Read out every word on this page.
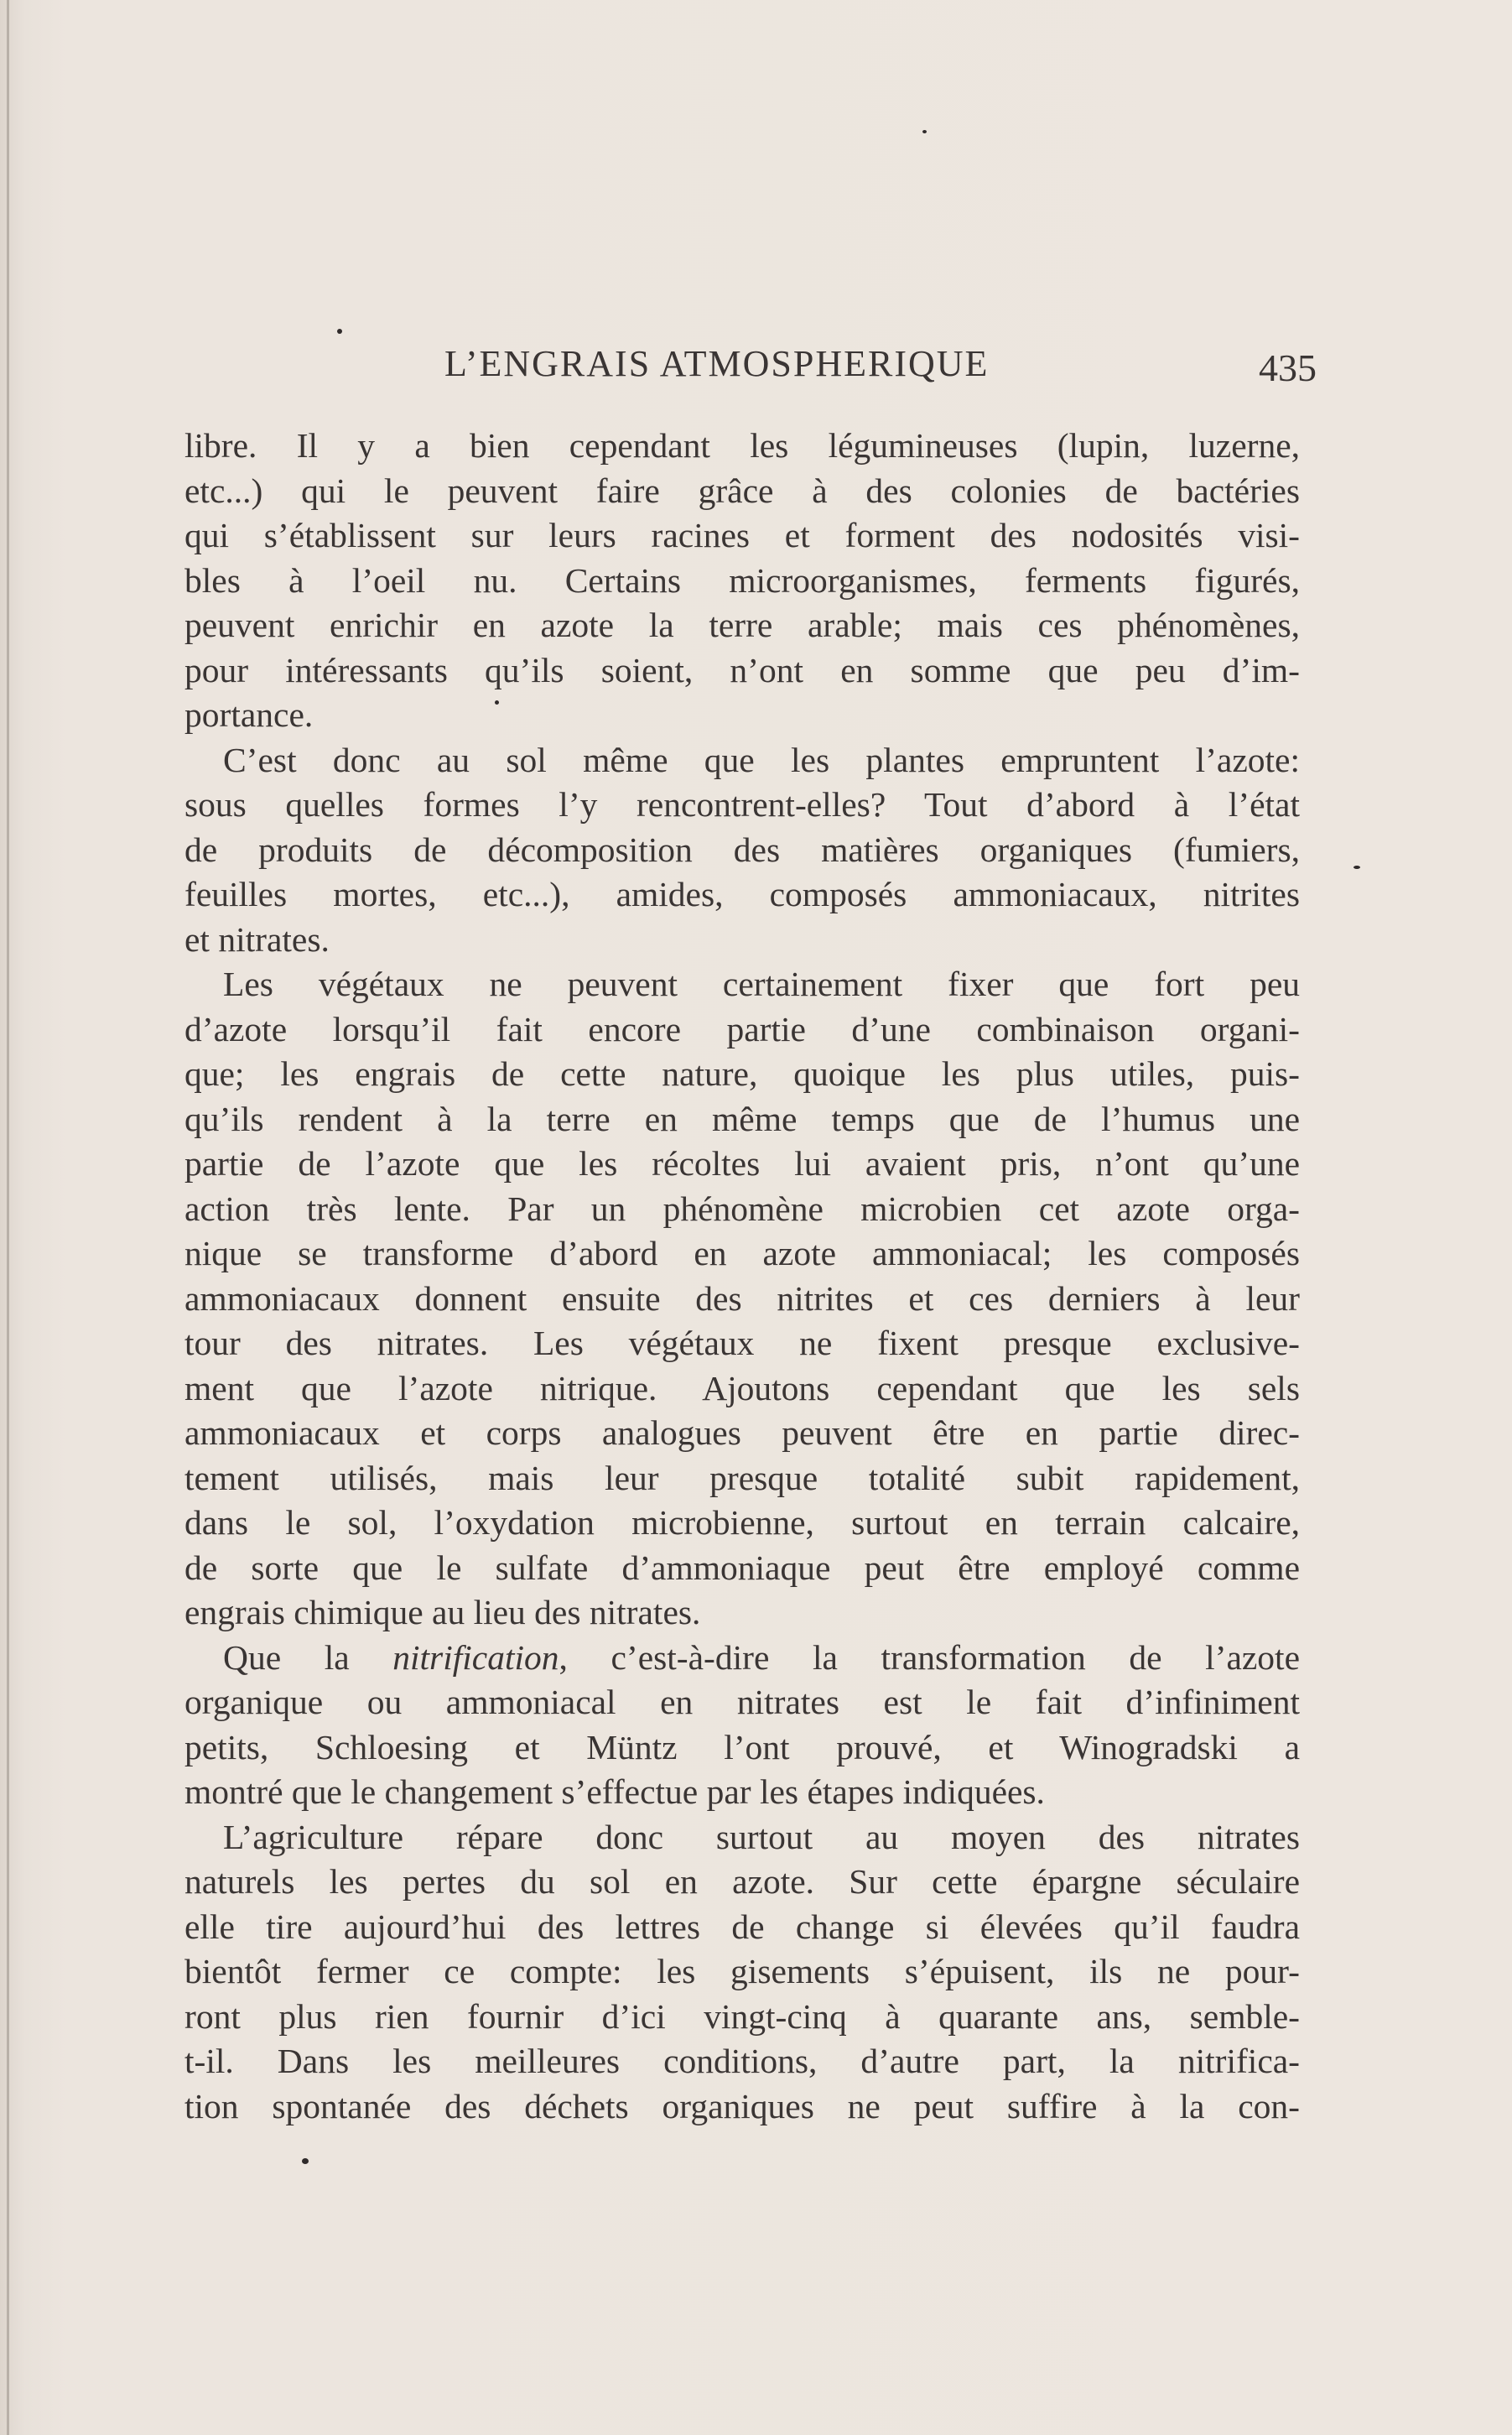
L’ENGRAIS ATMOSPHERIQUE	435
libre. Il y a bien cependant les légumineuses (lupin, luzerne,
etc...) qui le peuvent faire grâce à des colonies de bactéries
qui s’établissent sur leurs racines et forment des nodosités visi-
bles à l’oeil nu. Certains microorganismes, ferments figurés,
peuvent enrichir en azote la terre arable; mais ces phénomènes,
pour intéressants qu’ils soient, n’ont en somme que peu d’im-
portance.
C’est donc au sol même que les plantes empruntent l’azote:
sous quelles formes l’y rencontrent-elles? Tout d’abord à l’état
de produits de décomposition des matières organiques (fumiers,
feuilles mortes, etc...), amides, composés ammoniacaux, nitrites
et nitrates.
Les végétaux ne peuvent certainement fixer que fort peu
d’azote lorsqu’il fait encore partie d’une combinaison organi-
que; les engrais de cette nature, quoique les plus utiles, puis-
qu’ils rendent à la terre en même temps que de l’humus une
partie de l’azote que les récoltes lui avaient pris, n’ont qu’une
action très lente. Par un phénomène microbien cet azote orga-
nique se transforme d’abord en azote ammoniacal; les composés
ammoniacaux donnent ensuite des nitrites et ces derniers à leur
tour des nitrates. Les végétaux ne fixent presque exclusive-
ment que l’azote nitrique. Ajoutons cependant que les sels
ammoniacaux et corps analogues peuvent être en partie direc-
tement utilisés, mais leur presque totalité subit rapidement,
dans le sol, l’oxydation microbienne, surtout en terrain calcaire,
de sorte que le sulfate d’ammoniaque peut être employé comme
engrais chimique au lieu des nitrates.
Que la nitrification, c’est-à-dire la transformation de l’azote
organique ou ammoniacal en nitrates est le fait d’infiniment
petits, Schloesing et Müntz l’ont prouvé, et Winogradski a
montré que le changement s’effectue par les étapes indiquées.
L’agriculture répare donc surtout au moyen des nitrates
naturels les pertes du sol en azote. Sur cette épargne séculaire
elle tire aujourd’hui des lettres de change si élevées qu’il faudra
bientôt fermer ce compte: les gisements s’épuisent, ils ne pour-
ront plus rien fournir d’ici vingt-cinq à quarante ans, semble-
t-il. Dans les meilleures conditions, d’autre part, la nitrifica-
tion spontanée des déchets organiques ne peut suffire à la con-
